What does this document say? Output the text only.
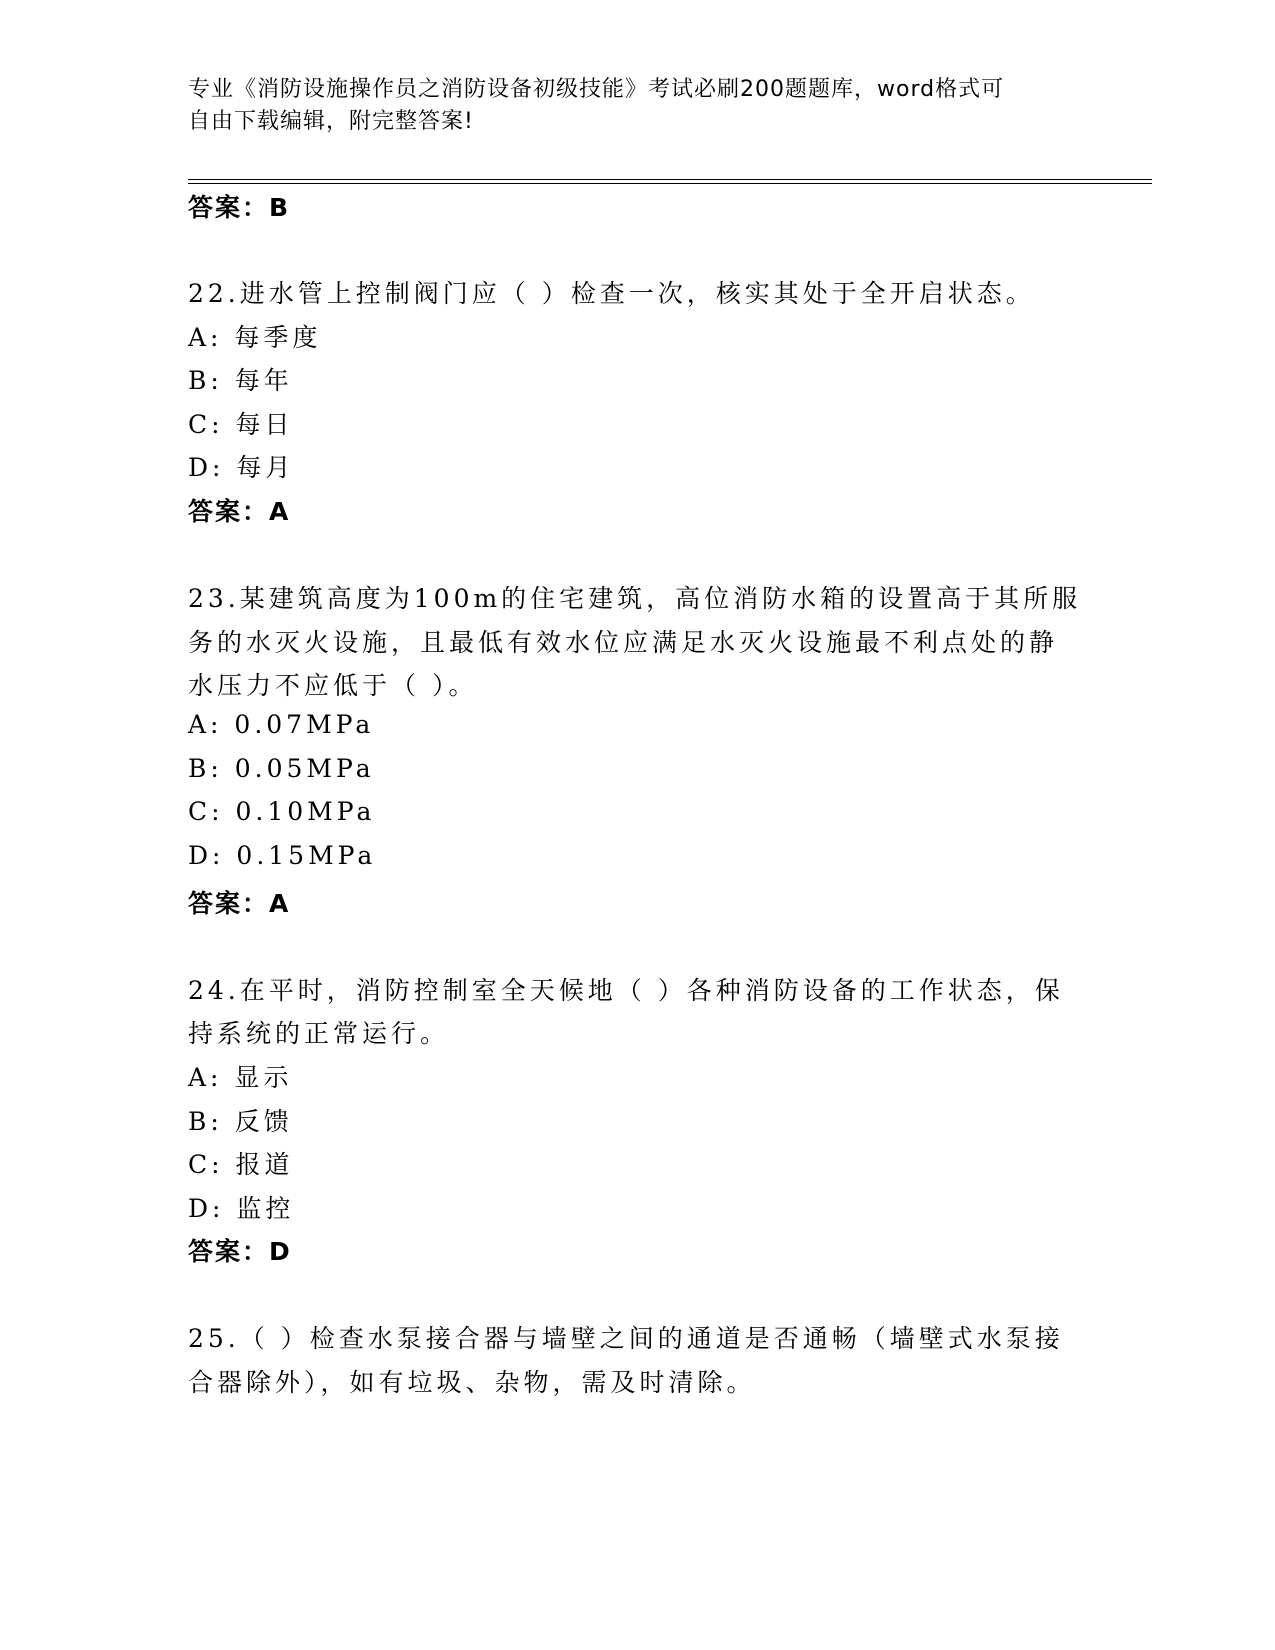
专业《消防设施操作员之消防设备初级技能》考试必刷200题题库，word格式可
自由下载编辑，附完整答案!
答案：B
22.进水管上控制阀门应（ ）检查一次，核实其处于全开启状态。
A: 每季度
B: 每年
C: 每日
D: 每月
答案：A
23.某建筑高度为100m的住宅建筑，高位消防水箱的设置高于其所服
务的水灭火设施，且最低有效水位应满足水灭火设施最不利点处的静
水压力不应低于（ ）。
A: 0.07MPa
B: 0.05MPa
C: 0.10MPa
D: 0.15MPa
答案：A
24.在平时，消防控制室全天候地（ ）各种消防设备的工作状态，保
持系统的正常运行。
A: 显示
B: 反馈
C: 报道
D: 监控
答案：D
25.（ ）检查水泵接合器与墙壁之间的通道是否通畅（墙壁式水泵接
合器除外），如有垃圾、杂物，需及时清除。
